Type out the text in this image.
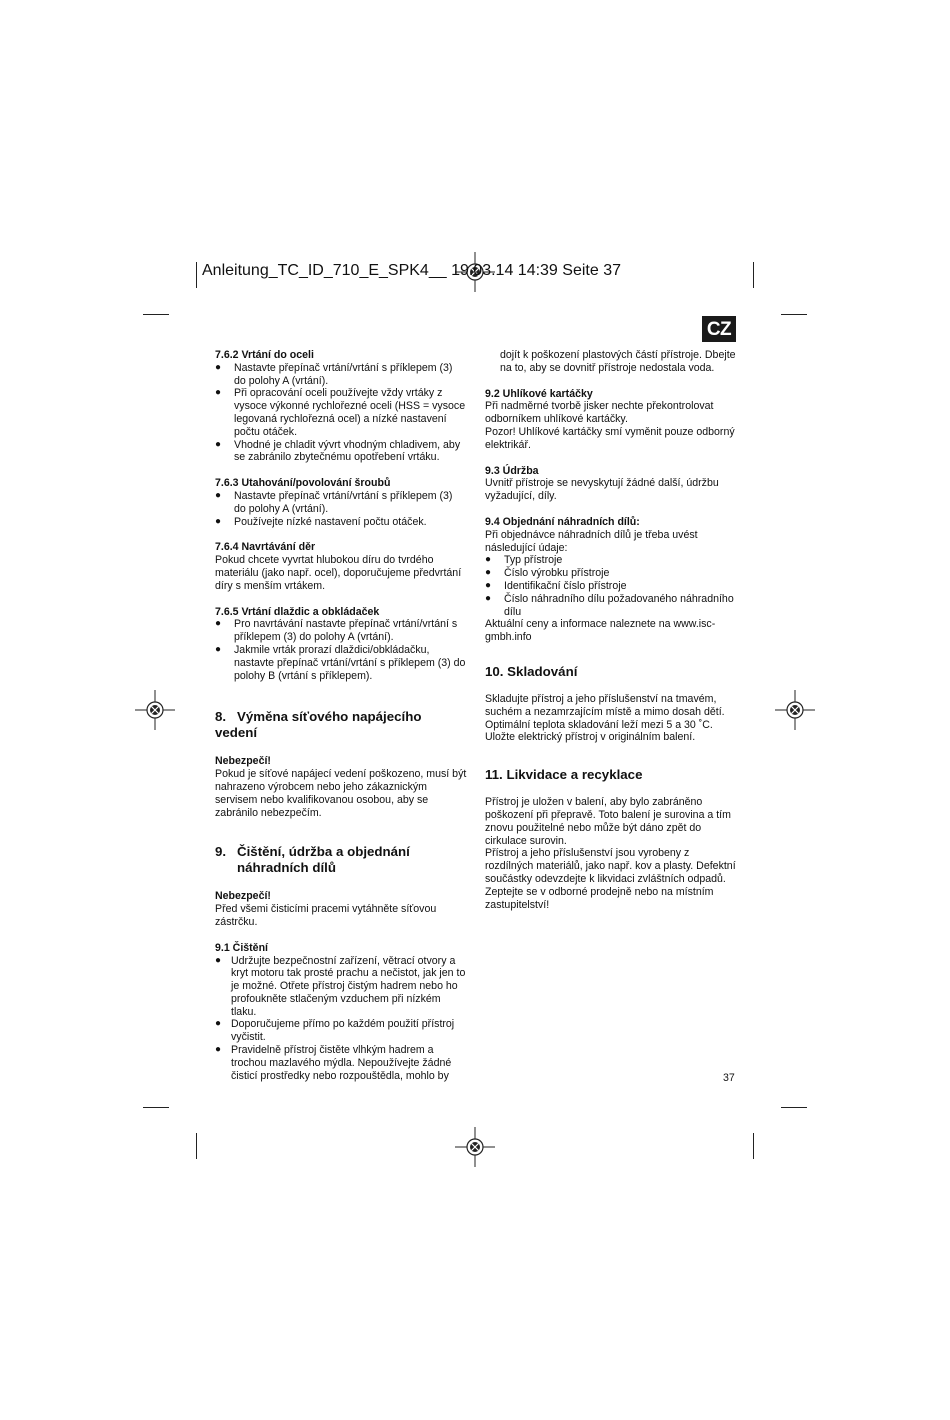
Anleitung_TC_ID_710_E_SPK4__ 19.03.14 14:39 Seite 37
CZ
7.6.2 Vrtání do oceli
● Nastavte přepínač vrtání/vrtání s příklepem (3) do polohy A (vrtání).
● Při opracování oceli používejte vždy vrtáky z vysoce výkonné rychlořezné oceli (HSS = vysoce legovaná rychlořezná ocel) a nízké nastavení počtu otáček.
● Vhodné je chladit vývrt vhodným chladivem, aby se zabránilo zbytečnému opotřebení vrtáku.
7.6.3 Utahování/povolování šroubů
● Nastavte přepínač vrtání/vrtání s příklepem (3) do polohy A (vrtání).
● Používejte nízké nastavení počtu otáček.
7.6.4 Navrtávání děr

Pokud chcete vyvrtat hlubokou díru do tvrdého materiálu (jako např. ocel), doporučujeme předvrtání díry s menším vrtákem.

7.6.5 Vrtání dlaždic a obkládaček
● Pro navrtávání nastavte přepínač vrtání/vrtání s příklepem (3) do polohy A (vrtání).
● Jakmile vrták prorazí dlaždici/obkládačku, nastavte přepínač vrtání/vrtání s příklepem (3) do polohy B (vrtání s příklepem).
8. Výměna síťového napájecího vedení
Nebezpečí!

Pokud je síťové napájecí vedení poškozeno, musí být nahrazeno výrobcem nebo jeho zákaznickým servisem nebo kvalifikovanou osobou, aby se zabránilo nebezpečím.

9. Čištění, údržba a objednání
náhradních dílů
Nebezpečí!

Před všemi čisticími pracemi vytáhněte síťovou zástrčku.

9.1 Čištění
● Udržujte bezpečnostní zařízení, větrací otvory a kryt motoru tak prosté prachu a nečistot, jak jen to je možné. Otřete přístroj čistým hadrem nebo ho profoukněte stlačeným vzduchem při nízkém tlaku.
● Doporučujeme přímo po každém použití přístroj vyčistit.
● Pravidelně přístroj čistěte vlhkým hadrem a trochou mazlavého mýdla. Nepoužívejte žádné čisticí prostředky nebo rozpouštědla, mohlo by

dojít k poškození plastových částí přístroje. Dbejte na to, aby se dovnitř přístroje nedostala voda.

9.2 Uhlíkové kartáčky

Při nadměrné tvorbě jisker nechte překontrolovat odborníkem uhlíkové kartáčky.

Pozor! Uhlíkové kartáčky smí vyměnit pouze odborný elektrikář.

9.3 Údržba

Uvnitř přístroje se nevyskytují žádné další, údržbu vyžadující, díly.

9.4 Objednání náhradních dílů:

Při objednávce náhradních dílů je třeba uvést následující údaje:

● Typ přístroje
● Číslo výrobku přístroje
● Identifikační číslo přístroje
● Číslo náhradního dílu požadovaného náhradního dílu

Aktuální ceny a informace naleznete na www.isc-gmbh.info

10. Skladování

Skladujte přístroj a jeho příslušenství na tmavém, suchém a nezamrzajícím místě a mimo dosah dětí. Optimální teplota skladování leží mezi 5 a 30 ˚C. Uložte elektrický přístroj v originálním balení.

11. Likvidace a recyklace

Přístroj je uložen v balení, aby bylo zabráněno poškození při přepravě. Toto balení je surovina a tím znovu použitelné nebo může být dáno zpět do cirkulace surovin.

Přístroj a jeho příslušenství jsou vyrobeny z rozdílných materiálů, jako např. kov a plasty. Defektní součástky odevzdejte k likvidaci zvláštních odpadů. Zeptejte se v odborné prodejně nebo na místním zastupitelství!

37
